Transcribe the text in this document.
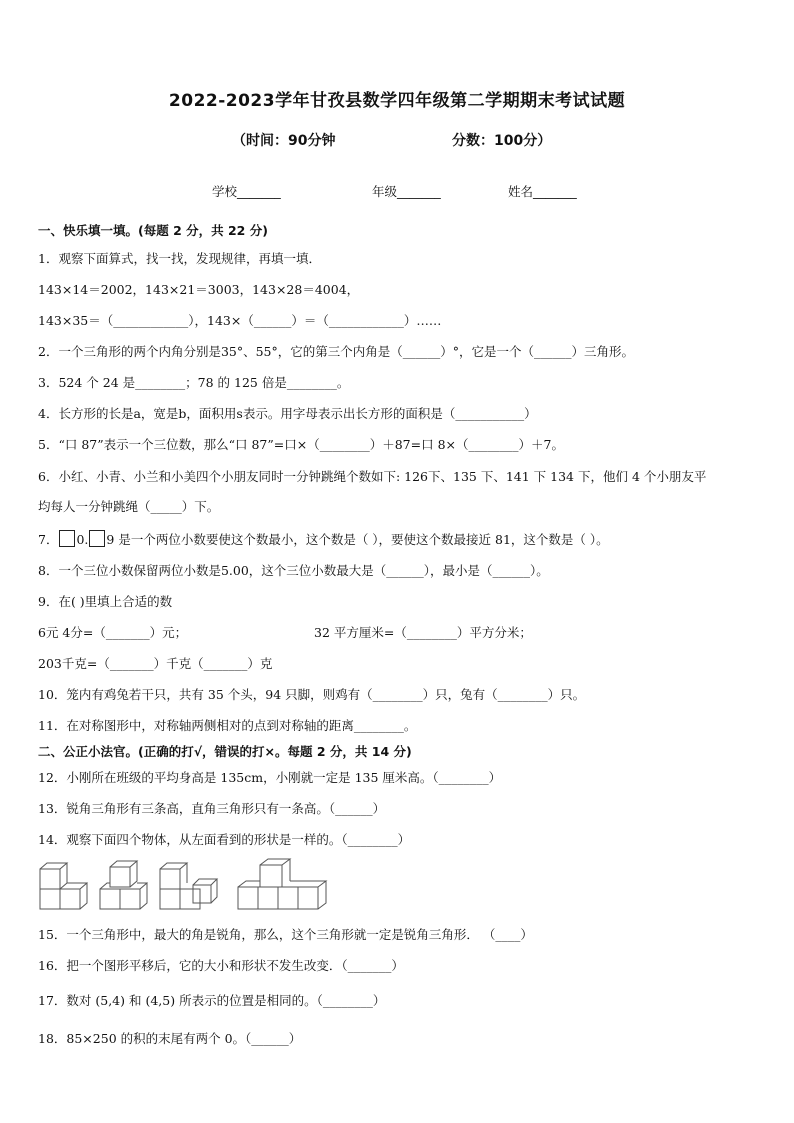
2022-2023学年甘孜县数学四年级第二学期期末考试试题
（时间：90分钟	分数：100分）
学校_______	年级_______	姓名_______
一、快乐填一填。(每题 2 分，共 22 分)
1．观察下面算式，找一找，发现规律，再填一填．
143×14＝2002，143×21＝3003，143×28＝4004，
143×35＝（____________），143×（______）＝（____________）……
2．一个三角形的两个内角分别是35°、55°，它的第三个内角是（______）°，它是一个（______）三角形。
3．524 个 24 是________；78 的 125 倍是________。
4．长方形的长是a，宽是b，面积用s表示。用字母表示出长方形的面积是（___________）
5．“口 87”表示一个三位数，那么“口 87”=口×（________）＋87=口 8×（________）＋7。
6．小红、小青、小兰和小美四个小朋友同时一分钟跳绳个数如下: 126下、135 下、141 下 134 下，他们 4 个小朋友平
均每人一分钟跳绳（_____）下。
7． 0. 9 是一个两位小数要使这个数最小，这个数是（ ），要使这个数最接近 81，这个数是（ ）。
8．一个三位小数保留两位小数是5.00，这个三位小数最大是（______），最小是（______）。
9．在( )里填上合适的数
6元 4分=（_______）元；	32 平方厘米=（________）平方分米；
203千克=（_______）千克（_______）克
10．笼内有鸡兔若干只，共有 35 个头，94 只脚，则鸡有（________）只，兔有（________）只。
11．在对称图形中，对称轴两侧相对的点到对称轴的距离________。
二、公正小法官。(正确的打√，错误的打×。每题 2 分，共 14 分)
12．小刚所在班级的平均身高是 135cm，小刚就一定是 135 厘米高。（________）
13．锐角三角形有三条高，直角三角形只有一条高。（______）
14．观察下面四个物体，从左面看到的形状是一样的。（________）
15．一个三角形中，最大的角是锐角，那么，这个三角形就一定是锐角三角形． （____）
16．把一个图形平移后，它的大小和形状不发生改变．（_______）
17．数对 (5,4) 和 (4,5) 所表示的位置是相同的。（________）
18．85×250 的积的末尾有两个 0。（______）
